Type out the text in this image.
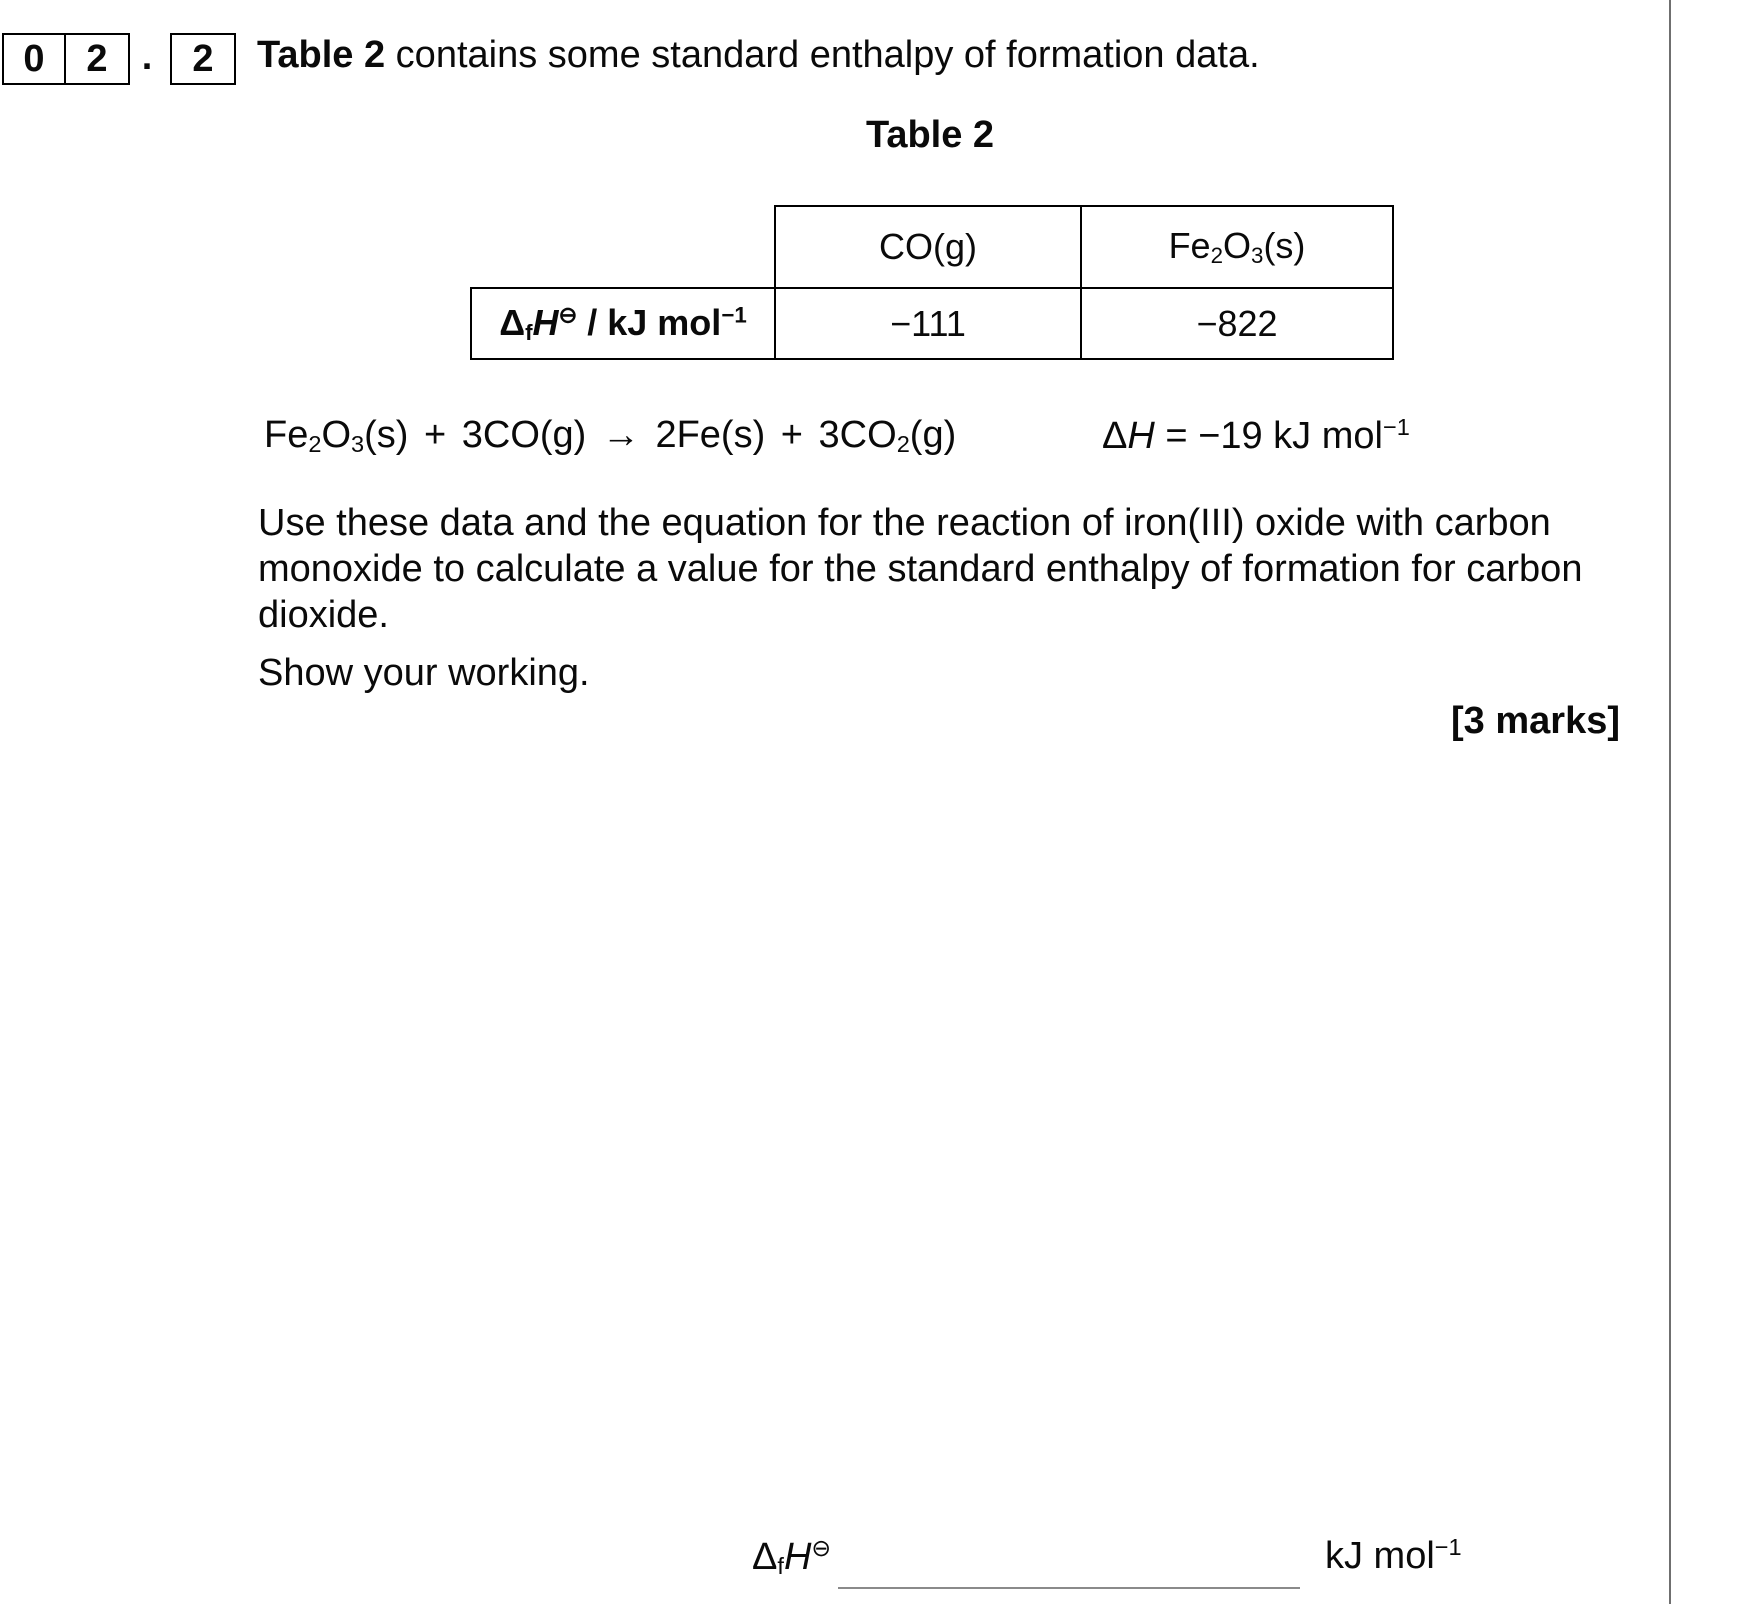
0	2 .	2	Table 2 contains some standard enthalpy of formation data.
Table 2
	CO(g)	Fe2O3(s)
ΔfH⊖ / kJ mol$^{-1}$	−111	−822
Fe2O3(s) + 3CO(g) → 2Fe(s) + 3CO2(g)	ΔH = −19 kJ mol$^{-1}$
Use these data and the equation for the reaction of iron(III) oxide with carbon
monoxide to calculate a value for the standard enthalpy of formation for carbon
dioxide.
Show your working.
[3 marks]
ΔfH⊖	kJ mol$^{-1}$
